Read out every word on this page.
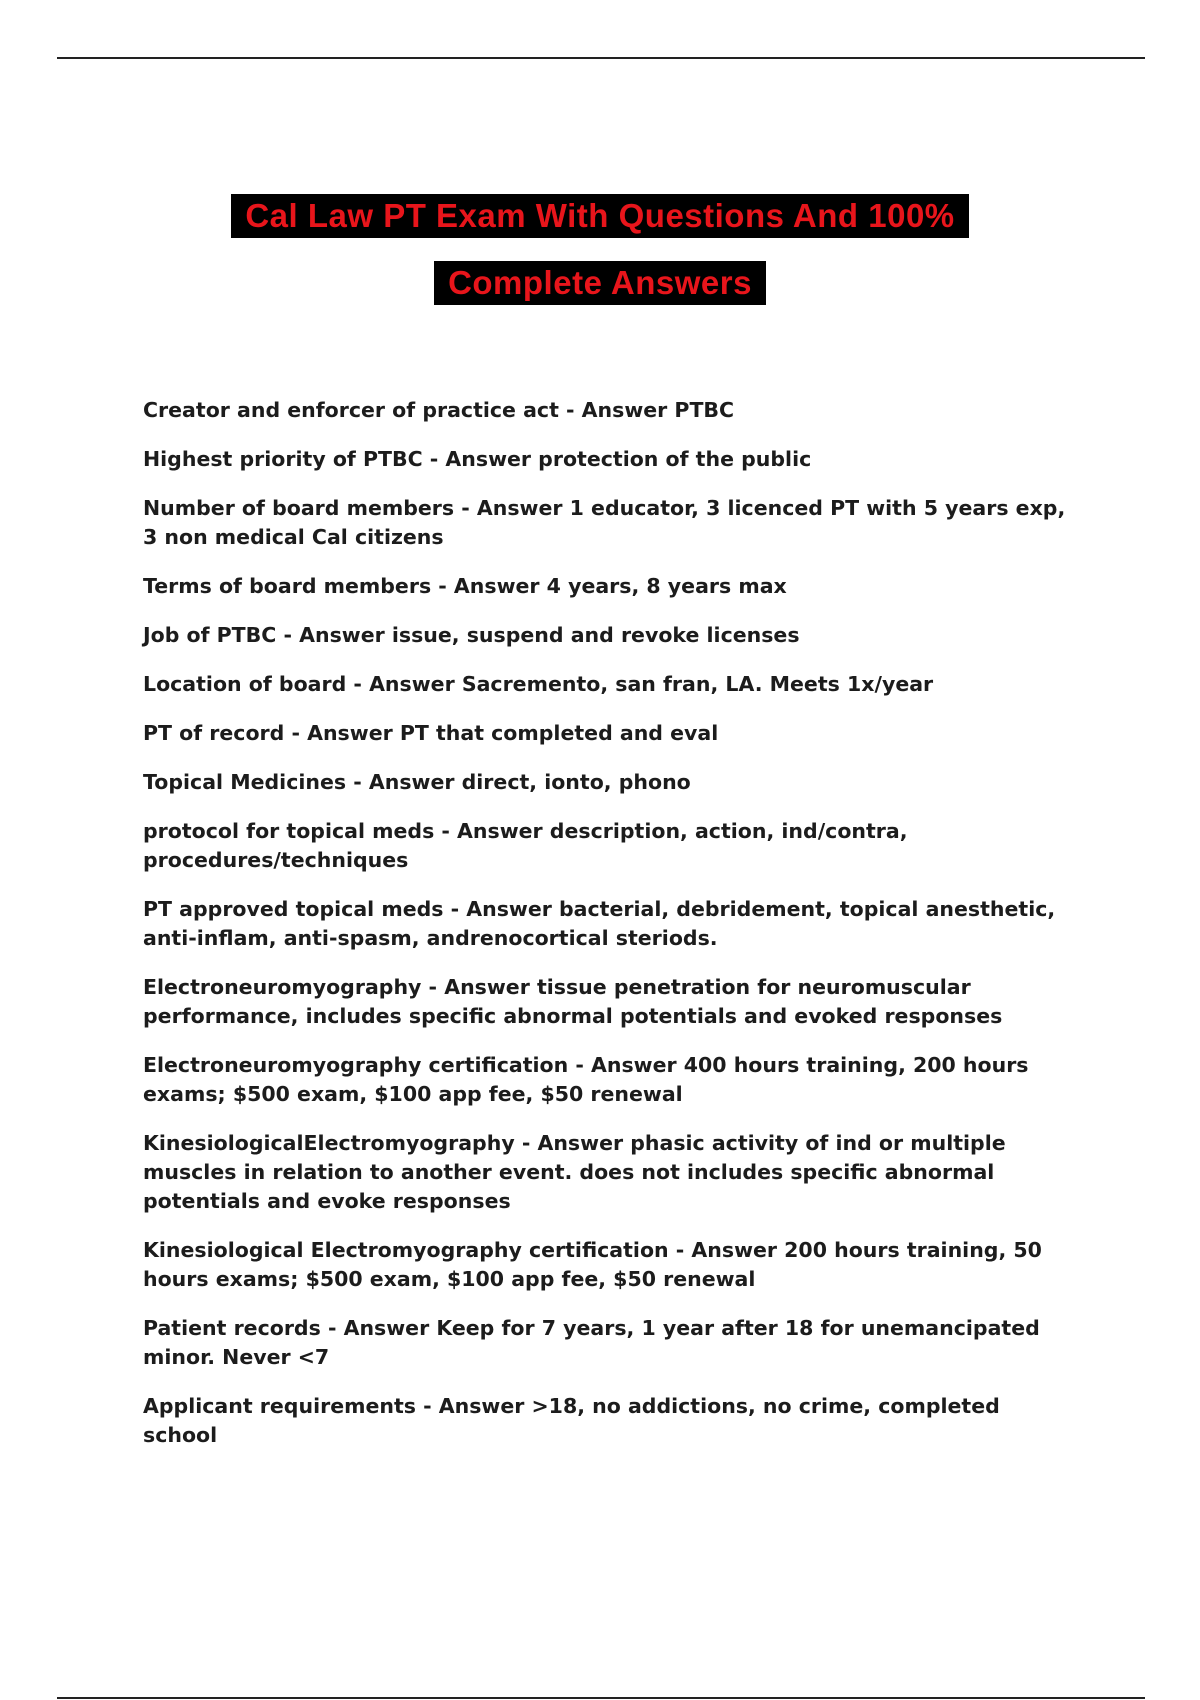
Cal Law PT Exam With Questions And 100%
Complete Answers
Creator and enforcer of practice act - Answer PTBC
Highest priority of PTBC - Answer protection of the public
Number of board members - Answer 1 educator, 3 licenced PT with 5 years exp, 3 non medical Cal citizens
Terms of board members - Answer 4 years, 8 years max
Job of PTBC - Answer issue, suspend and revoke licenses
Location of board - Answer Sacremento, san fran, LA. Meets 1x/year
PT of record - Answer PT that completed and eval
Topical Medicines - Answer direct, ionto, phono
protocol for topical meds - Answer description, action, ind/contra, procedures/techniques
PT approved topical meds - Answer bacterial, debridement, topical anesthetic, anti-inflam, anti-spasm, andrenocortical steriods.
Electroneuromyography - Answer tissue penetration for neuromuscular performance, includes specific abnormal potentials and evoked responses
Electroneuromyography certification - Answer 400 hours training, 200 hours exams; $500 exam, $100 app fee, $50 renewal
KinesiologicalElectromyography - Answer phasic activity of ind or multiple muscles in relation to another event. does not includes specific abnormal potentials and evoke responses
Kinesiological Electromyography certification - Answer 200 hours training, 50 hours exams; $500 exam, $100 app fee, $50 renewal
Patient records - Answer Keep for 7 years, 1 year after 18 for unemancipated minor. Never <7
Applicant requirements - Answer >18, no addictions, no crime, completed school
